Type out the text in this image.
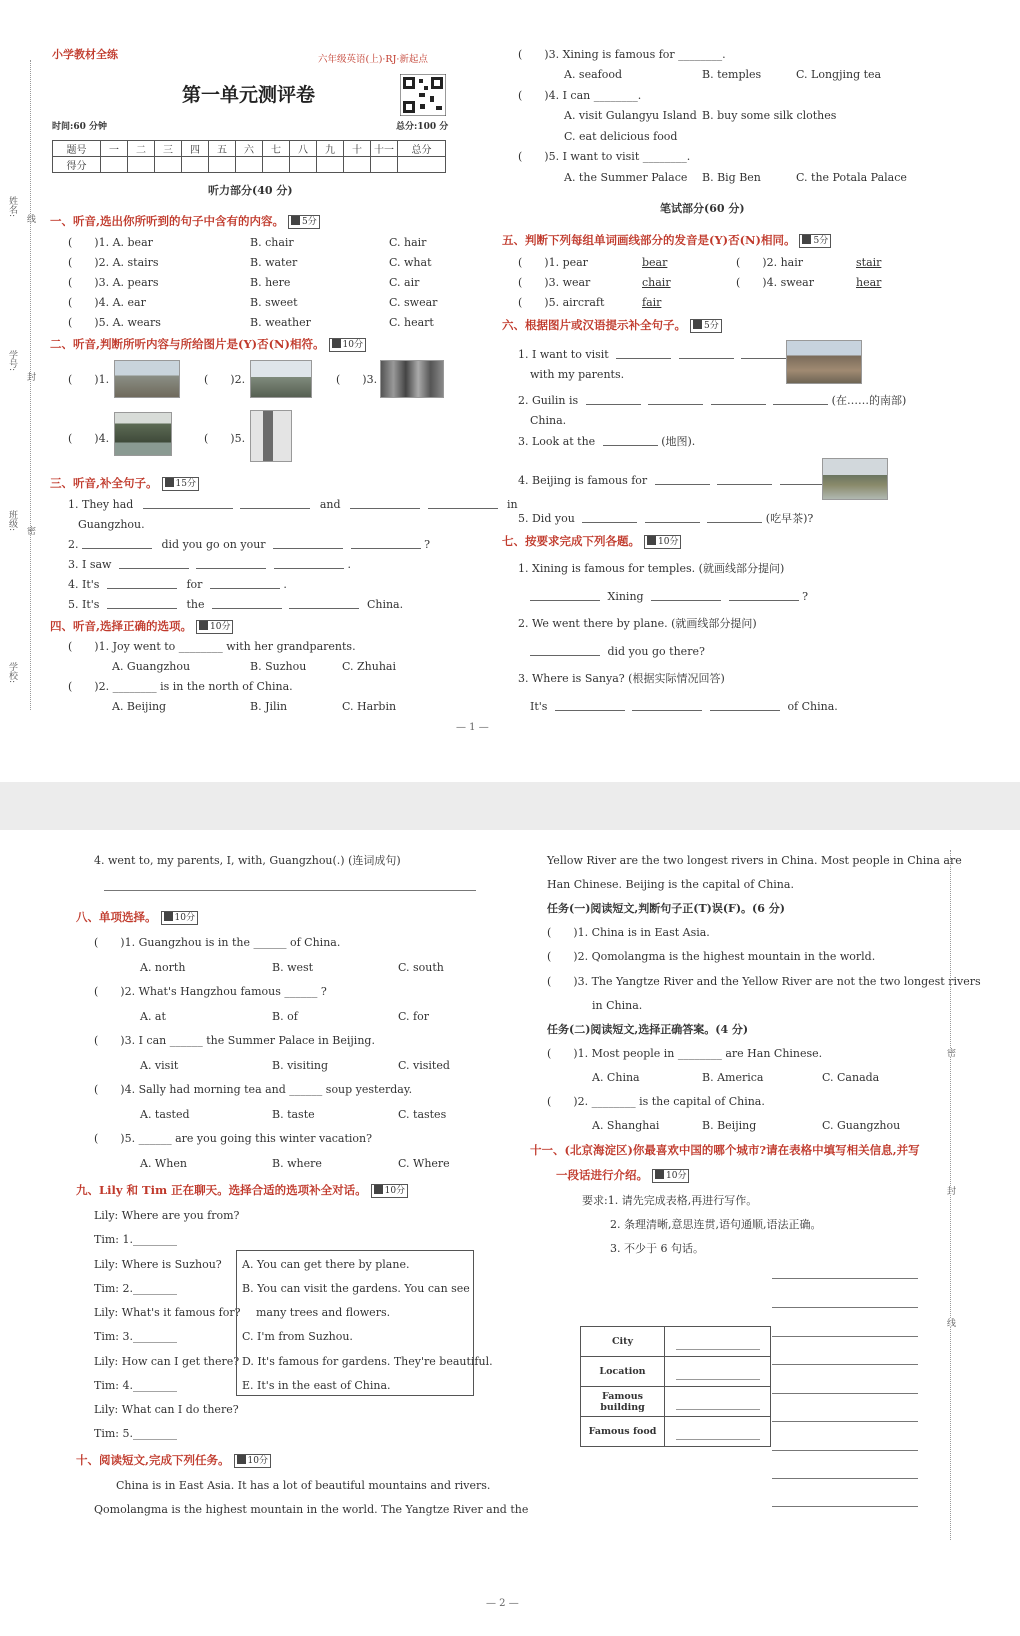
姓名:
线
学号:
封
班级: 密
学校:
小学教材全练	六年级英语(上)·RJ·新起点
第一单元测评卷
时间:60 分钟	总分:100 分
题号	一	二	三	四	五	六	七	八	九	十	十一	总分
得分												
听力部分(40 分)
一、听音,选出你所听到的句子中含有的内容。 5分
(　　)1. A. bear	B. chair	C. hair
(　　)2. A. stairs	B. water	C. what
(　　)3. A. pears	B. here	C. air
(　　)4. A. ear	B. sweet	C. swear
(　　)5. A. wears	B. weather	C. heart
二、听音,判断所听内容与所给图片是(Y)否(N)相符。 10分
(　　)1.	(　　)2.	(　　)3.
(　　)4.	(　　)5.
三、听音,补全句子。 15分
1. They had	and	in
Guangzhou.
2.	did you go on your	?
3. I saw	.
4. It's	for	.
5. It's	the	China.
四、听音,选择正确的选项。 10分
(　　)1. Joy went to ________ with her grandparents.
A. Guangzhou	B. Suzhou	C. Zhuhai
(　　)2. ________ is in the north of China.
A. Beijing	B. Jilin	C. Harbin
(　　)3. Xining is famous for ________.
A. seafood	B. temples	C. Longjing tea
(　　)4. I can ________.
A. visit Gulangyu Island B. buy some silk clothes
C. eat delicious food
(　　)5. I want to visit ________.
A. the Summer Palace B. Big Ben	C. the Potala Palace
笔试部分(60 分)
五、判断下列每组单词画线部分的发音是(Y)否(N)相同。 5分
(　　)1. pear	bear	(　　)2. hair	stair
(　　)3. wear	chair	(　　)4. swear	hear
(　　)5. aircraft	fair
六、根据图片或汉语提示补全句子。 5分
1. I want to visit
with my parents.
2. Guilin is	(在……的南部)
China.
3. Look at the	(地图).
4. Beijing is famous for
5. Did you	(吃早茶)?
七、按要求完成下列各题。 10分
1. Xining is famous for temples. (就画线部分提问)
Xining	?
2. We went there by plane. (就画线部分提问)
did you go there?
3. Where is Sanya? (根据实际情况回答)
It's	of China.
— 1 —
4. went to, my parents, I, with, Guangzhou(.) (连词成句)
八、单项选择。 10分
(　　)1. Guangzhou is in the ______ of China.
A. north	B. west	C. south
(　　)2. What's Hangzhou famous ______ ?
A. at	B. of	C. for
(　　)3. I can ______ the Summer Palace in Beijing.
A. visit	B. visiting	C. visited
(　　)4. Sally had morning tea and ______ soup yesterday.
A. tasted	B. taste	C. tastes
(　　)5. ______ are you going this winter vacation?
A. When	B. where	C. Where
九、Lily 和 Tim 正在聊天。选择合适的选项补全对话。 10分
Lily: Where are you from?
Tim: 1.________
Lily: Where is Suzhou?
Tim: 2.________
Lily: What's it famous for?
Tim: 3.________
Lily: How can I get there?
Tim: 4.________
Lily: What can I do there?
Tim: 5.________
A. You can get there by plane.
B. You can visit the gardens. You can see
many trees and flowers.
C. I'm from Suzhou.
D. It's famous for gardens. They're beautiful.
E. It's in the east of China.
十、阅读短文,完成下列任务。 10分
China is in East Asia. It has a lot of beautiful mountains and rivers.
Qomolangma is the highest mountain in the world. The Yangtze River and the
— 2 —
Yellow River are the two longest rivers in China. Most people in China are
Han Chinese. Beijing is the capital of China.
任务(一)阅读短文,判断句子正(T)误(F)。(6 分)
(　　)1. China is in East Asia.
(　　)2. Qomolangma is the highest mountain in the world.
(　　)3. The Yangtze River and the Yellow River are not the two longest rivers
in China.
任务(二)阅读短文,选择正确答案。(4 分)
(　　)1. Most people in ________ are Han Chinese.
A. China	B. America	C. Canada
(　　)2. ________ is the capital of China.
A. Shanghai	B. Beijing	C. Guangzhou
十一、(北京海淀区)你最喜欢中国的哪个城市?请在表格中填写相关信息,并写
一段话进行介绍。 10分
要求:1. 请先完成表格,再进行写作。
2. 条理清晰,意思连贯,语句通顺,语法正确。
3. 不少于 6 句话。
City	

Location	

Famous building	

Famous food	
密
封
线
